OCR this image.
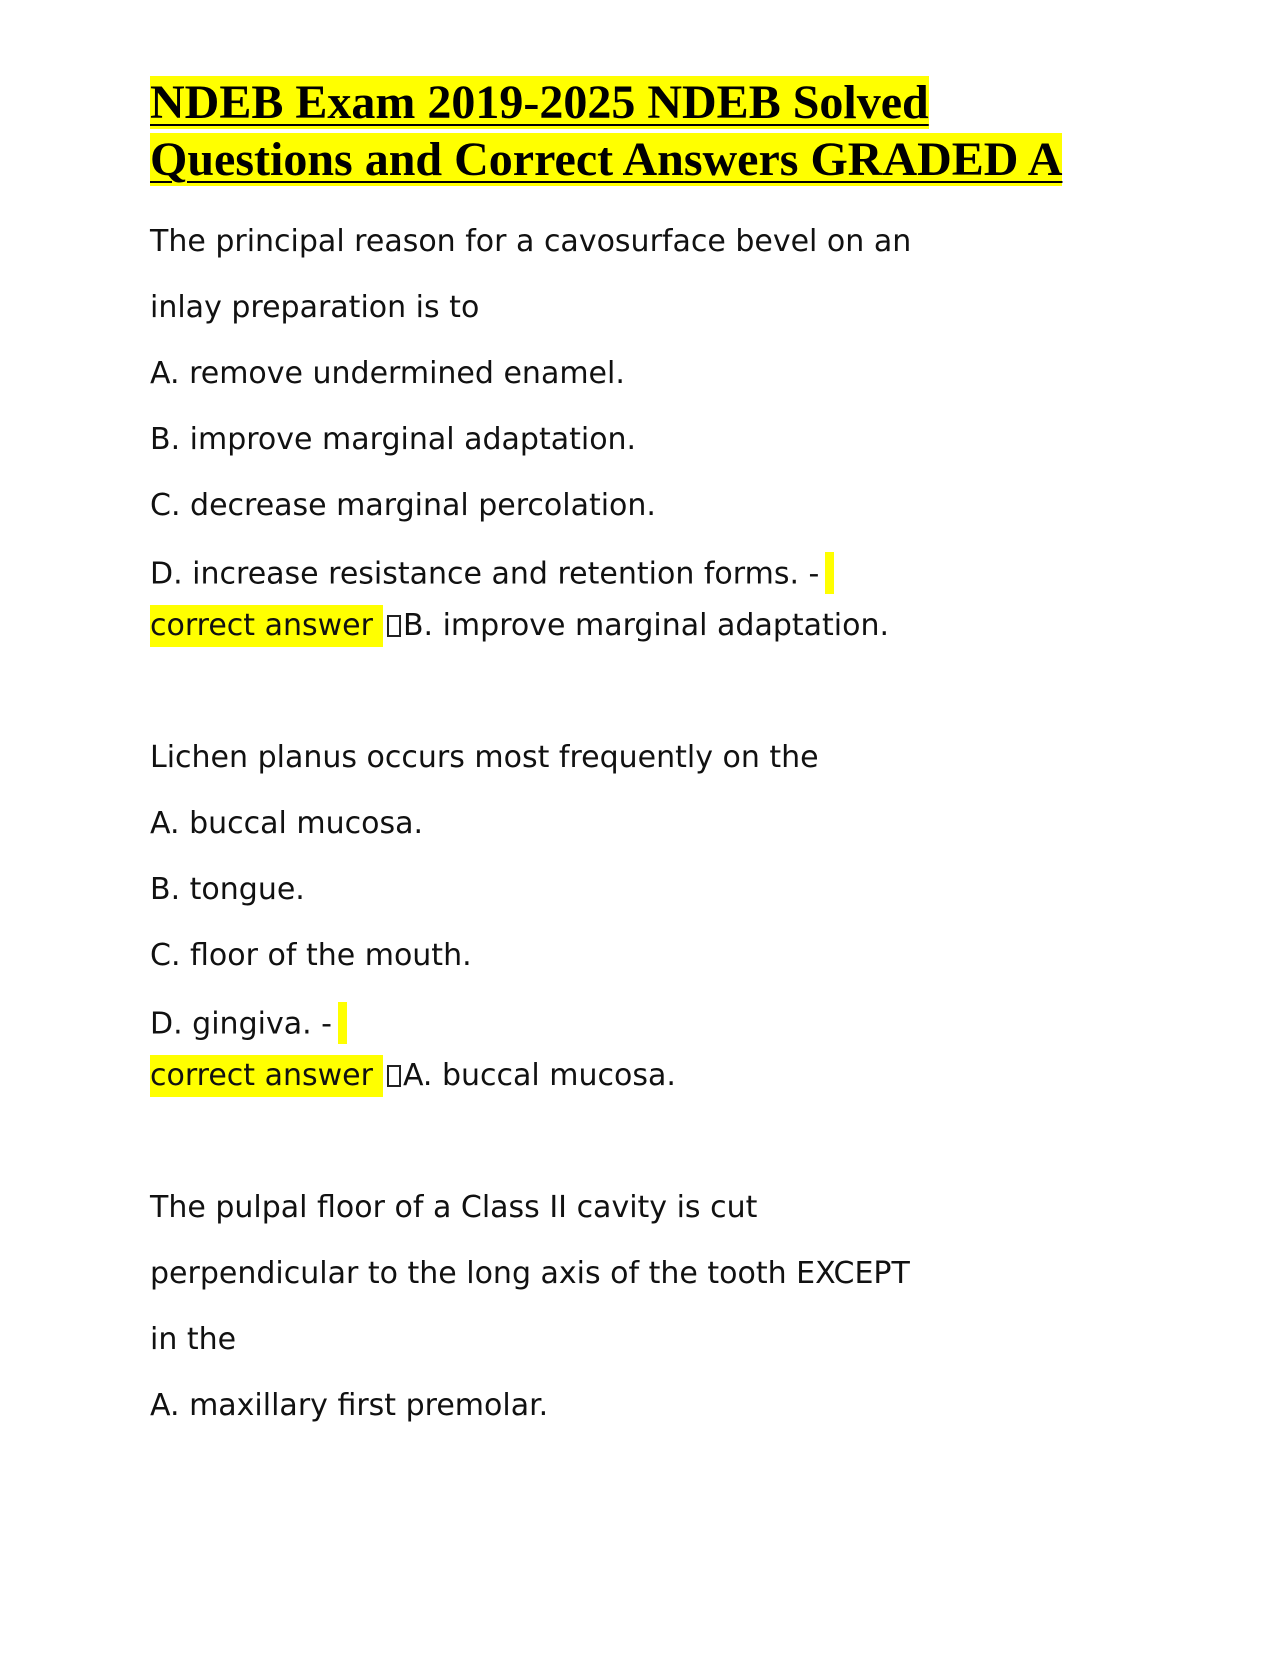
NDEB Exam 2019-2025 NDEB Solved
Questions and Correct Answers GRADED A

The principal reason for a cavosurface bevel on an

inlay preparation is to

A. remove undermined enamel.

B. improve marginal adaptation.

C. decrease marginal percolation.

D. increase resistance and retention forms. -

correct answerB. improve marginal adaptation.

Lichen planus occurs most frequently on the

A. buccal mucosa.

B. tongue.

C. floor of the mouth.

D. gingiva. -

correct answerA. buccal mucosa.

The pulpal floor of a Class II cavity is cut

perpendicular to the long axis of the tooth EXCEPT

in the

A. maxillary first premolar.
